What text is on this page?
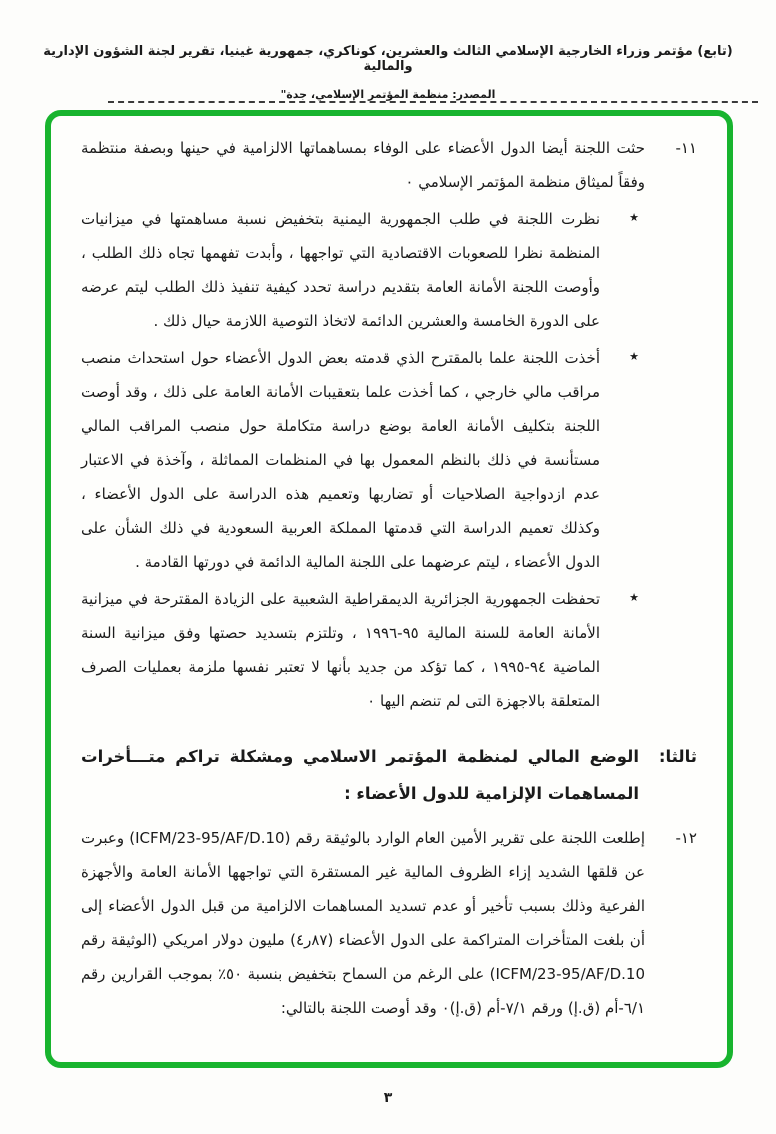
(تابع) مؤتمر وزراء الخارجية الإسلامي الثالث والعشرين، كوناكري، جمهورية غينيا، تقرير لجنة الشؤون الإدارية والمالية
المصدر: منظمة المؤتمر الإسلامي، جدة"
١١-
حثت اللجنة أيضا الدول الأعضاء على الوفاء بمساهماتها الالزامية في حينها وبصفة منتظمة وفقاً لميثاق منظمة المؤتمر الإسلامي ٠
★
نظرت اللجنة في طلب الجمهورية اليمنية بتخفيض نسبة مساهمتها في ميزانيات المنظمة نظرا للصعوبات الاقتصادية التي تواجهها ، وأبدت تفهمها تجاه ذلك الطلب ، وأوصت اللجنة الأمانة العامة بتقديم دراسة تحدد كيفية تنفيذ ذلك الطلب ليتم عرضه على الدورة الخامسة والعشرين الدائمة لاتخاذ التوصية اللازمة حيال ذلك .
★
أخذت اللجنة علما بالمقترح الذي قدمته بعض الدول الأعضاء حول استحداث منصب مراقب مالي خارجي ، كما أخذت علما بتعقيبات الأمانة العامة على ذلك ، وقد أوصت اللجنة بتكليف الأمانة العامة بوضع دراسة متكاملة حول منصب المراقب المالي مستأنسة في ذلك بالنظم المعمول بها في المنظمات المماثلة ، وآخذة في الاعتبار عدم ازدواجية الصلاحيات أو تضاربها وتعميم هذه الدراسة على الدول الأعضاء ، وكذلك تعميم الدراسة التي قدمتها المملكة العربية السعودية في ذلك الشأن على الدول الأعضاء ، ليتم عرضهما على اللجنة المالية الدائمة في دورتها القادمة .
★
تحفظت الجمهورية الجزائرية الديمقراطية الشعبية على الزيادة المقترحة في ميزانية الأمانة العامة للسنة المالية ٩٥-١٩٩٦ ، وتلتزم بتسديد حصتها وفق ميزانية السنة الماضية ٩٤-١٩٩٥ ، كما تؤكد من جديد بأنها لا تعتبر نفسها ملزمة بعمليات الصرف المتعلقة بالاجهزة التى لم تنضم اليها ٠
ثالثا:
الوضع المالي لمنظمة المؤتمر الاسلامي ومشكلة تراكم متـــأخرات المساهمات الإلزامية للدول الأعضاء :
١٢-
إطلعت اللجنة على تقرير الأمين العام الوارد بالوثيقة رقم (ICFM/23-95/AF/D.10) وعبرت عن قلقها الشديد إزاء الظروف المالية غير المستقرة التي تواجهها الأمانة العامة والأجهزة الفرعية وذلك بسبب تأخير أو عدم تسديد المساهمات الالزامية من قبل الدول الأعضاء إلى أن بلغت المتأخرات المتراكمة على الدول الأعضاء (٨٧ر٤) مليون دولار امريكي (الوثيقة رقم ICFM/23-95/AF/D.10) على الرغم من السماح بتخفيض بنسبة ٥٠٪ بموجب القرارين رقم ٦/١-أم (ق.إ) ورقم ٧/١-أم (ق.إ)٠ وقد أوصت اللجنة بالتالي:
٣
